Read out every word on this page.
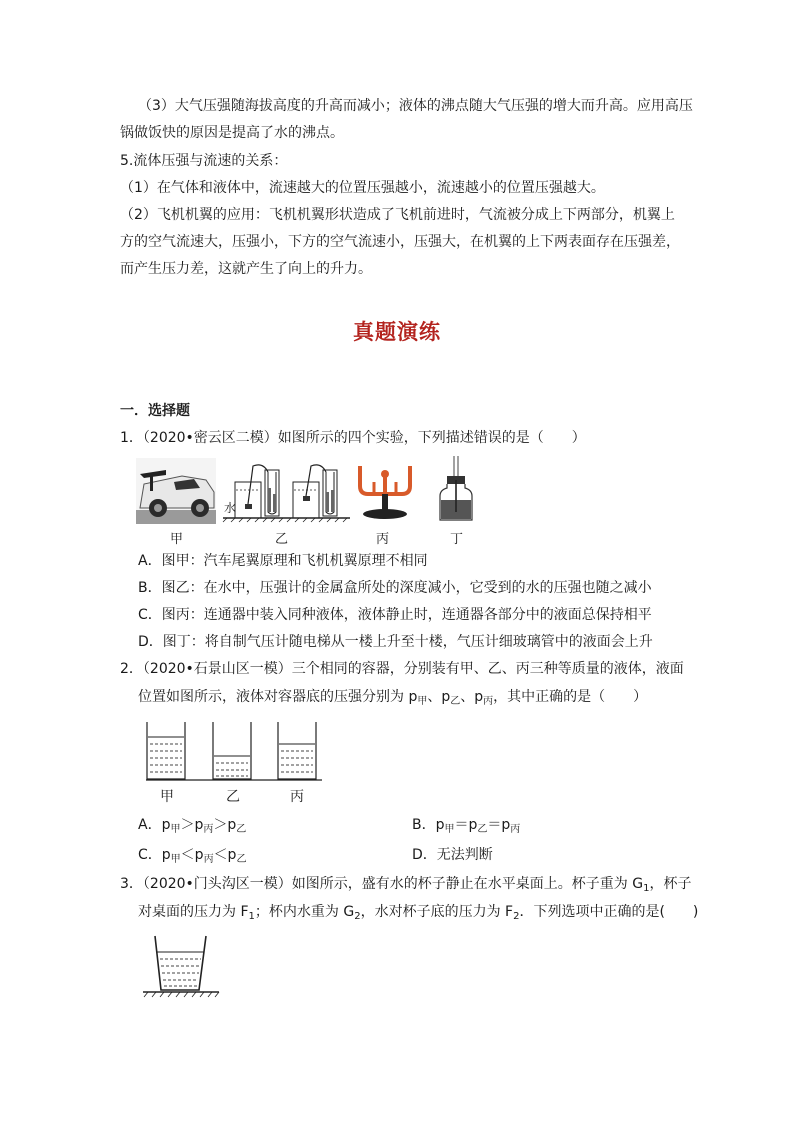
（3）大气压强随海拔高度的升高而减小；液体的沸点随大气压强的增大而升高。应用高压
锅做饭快的原因是提高了水的沸点。
5.流体压强与流速的关系：
（1）在气体和液体中，流速越大的位置压强越小，流速越小的位置压强越大。
（2）飞机机翼的应用：飞机机翼形状造成了飞机前进时，气流被分成上下两部分，机翼上
方的空气流速大，压强小，下方的空气流速小，压强大，在机翼的上下两表面存在压强差，
而产生压力差，这就产生了向上的升力。
真题演练
一．选择题
1．（2020•密云区二模）如图所示的四个实验，下列描述错误的是（　　）
水
甲	乙	丙	丁
A．图甲：汽车尾翼原理和飞机机翼原理不相同
B．图乙：在水中，压强计的金属盒所处的深度减小，它受到的水的压强也随之减小
C．图丙：连通器中装入同种液体，液体静止时，连通器各部分中的液面总保持相平
D．图丁：将自制气压计随电梯从一楼上升至十楼，气压计细玻璃管中的液面会上升
2．（2020•石景山区一模）三个相同的容器，分别装有甲、乙、丙三种等质量的液体，液面
位置如图所示，液体对容器底的压强分别为 $p_甲$、$p_乙$、$p_丙$，其中正确的是（　　）
甲	乙	丙
A．$p_甲>p_丙>p_乙$	B．$p_甲=p_乙=p_丙$
C．$p_甲<p_丙<p_乙$	D．无法判断
3．（2020•门头沟区一模）如图所示，盛有水的杯子静止在水平桌面上。杯子重为 $G_1$，杯子
对桌面的压力为 $F_1$；杯内水重为 $G_2$，水对杯子底的压力为 $F_2$．下列选项中正确的是(　　)
